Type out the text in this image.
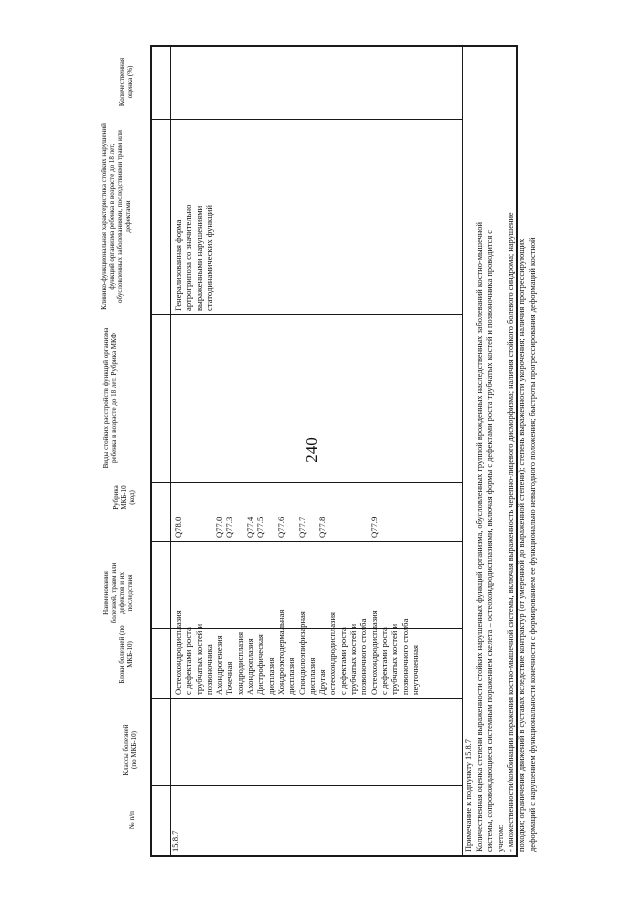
240
№ п/п
Классы болезней (по МКБ-10)
Блоки болезней (по МКБ-10)
Наименования болезней, травм или дефектов и их последствия
Рубрика МКБ-10 (код)
Виды стойких расстройств функций организма ребенка в возрасте до 18 лет. Рубрика МКФ
Клинико-функциональная характеристика стойких нарушений функций организма ребенка в возрасте до 18 лет, обусловленных заболеваниями, последствиями травм или дефектами
Количественная оценка (%)
15.8.7
Остеохондродисплазия с дефектами роста трубчатых костей и позвоночника Ахондрогенезия Точечная хондродисплазия Ахондроплазия Дистрофическая дисплазия Хондроэктодермальная дисплазия Спондилоэпифизарная дисплазия Другая остеохондродисплазия с дефектами роста трубчатых костей и позвоночного столба Остеохондродисплазия с дефектами роста трубчатых костей и позвоночного столба неуточненная
Q78.0

	Q77.0 Q77.3
Q77.4 Q77.5
Q77.6
Q77.7
Q77.8

	Q77.9
Генерализованная форма артрогрипоза со значительно выраженными нарушениями статодинамических функций
Примечание к подпункту 15.8.7 Количественная оценка степени выраженности стойких нарушенных функций организма, обусловленных группой врожденных наследственных заболеваний костно-мышечной системы, сопровождающиеся системным поражением скелета – остеохондродисплазиями, включая формы с дефектами роста трубчатых костей и позвоночника проводится с учетом: - множественности/комбинации поражения костно-мышечной системы, включая выраженность черепно-лицевого дисморфизма; наличия стойкого болевого синдрома; нарушение походки; ограничения движений в суставах вследствие контрактур (от умеренной до выраженной степени); степень выраженности укорочения; наличия прогрессирующих деформаций с нарушением функциональности конечности с формированием ее функционально невыгодного положения; быстроты прогрессирования деформаций костной
